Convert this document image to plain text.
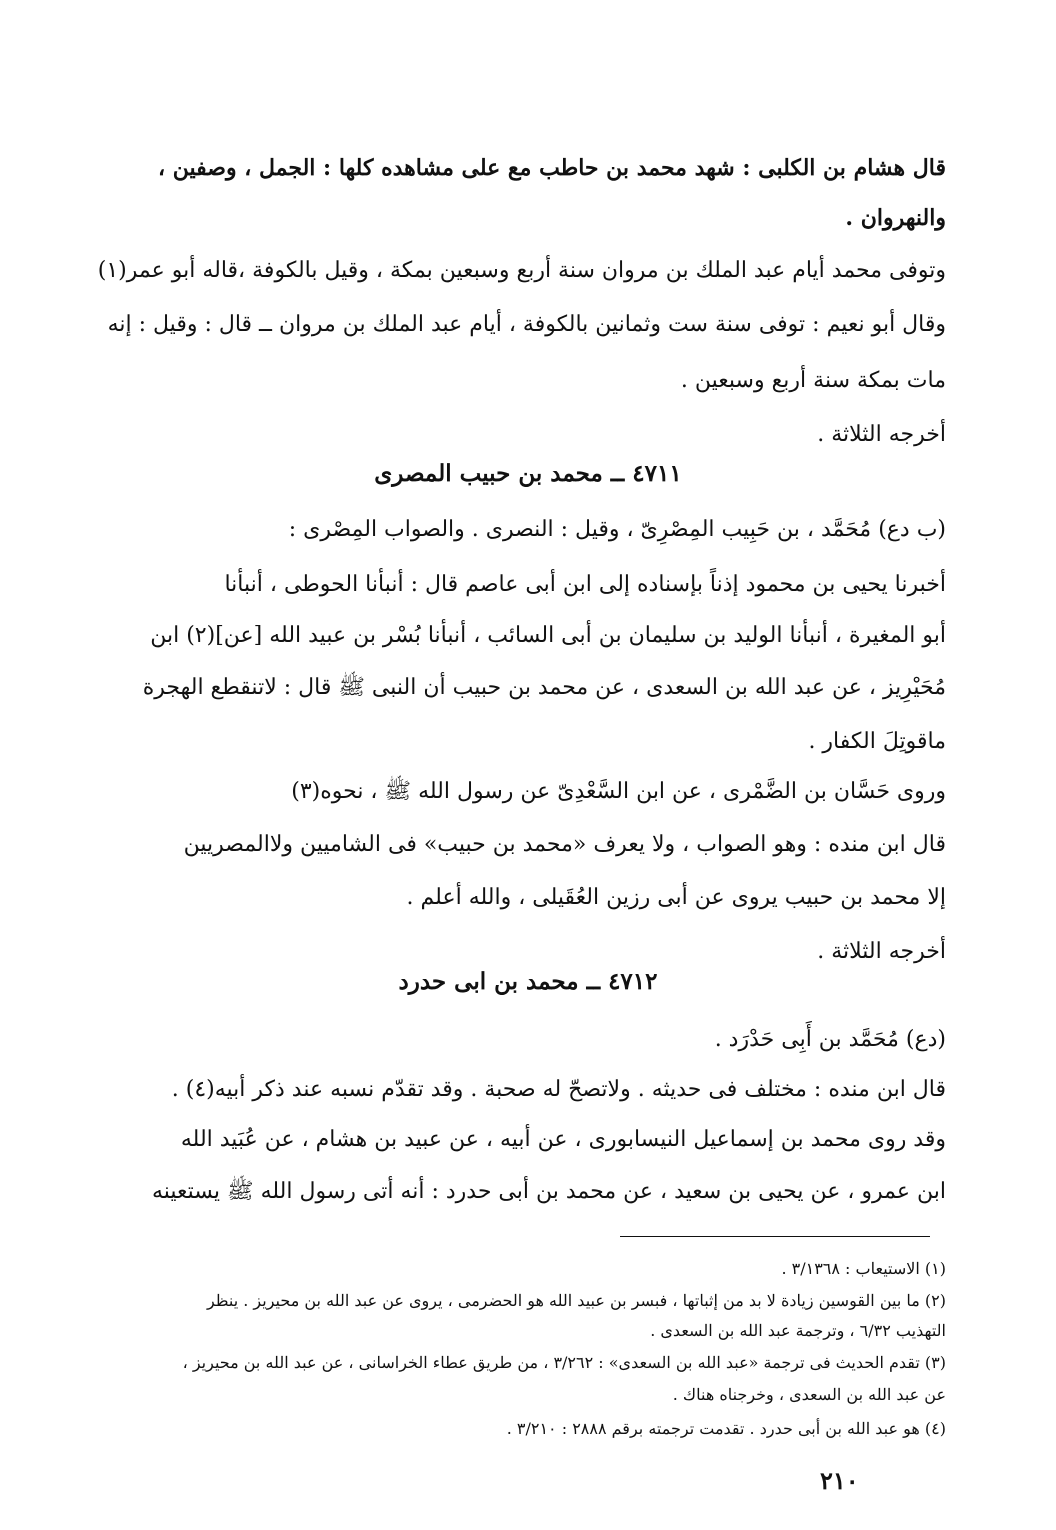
قال هشام بن الكلبى : شهد محمد بن حاطب مع على مشاهده كلها : الجمل ، وصفين ،
والنهروان .
وتوفى محمد أيام عبد الملك بن مروان سنة أربع وسبعين بمكة ، وقيل بالكوفة ،قاله أبو عمر(١)
وقال أبو نعيم : توفى سنة ست وثمانين بالكوفة ، أيام عبد الملك بن مروان ــ قال : وقيل : إنه
مات بمكة سنة أربع وسبعين .
أخرجه الثلاثة .
٤٧١١ ــ محمد بن حبيب المصرى
(ب دع) مُحَمَّد ، بن حَبِيب المِصْرِىّ ، وقيل : النصرى . والصواب المِصْرى :
أخبرنا يحيى بن محمود إذناً بإسناده إلى ابن أبى عاصم قال : أنبأنا الحوطى ، أنبأنا
أبو المغيرة ، أنبأنا الوليد بن سليمان بن أبى السائب ، أنبأنا بُسْر بن عبيد الله [عن](٢) ابن
مُحَيْرِيز ، عن عبد الله بن السعدى ، عن محمد بن حبيب أن النبى ﷺ قال : لاتنقطع الهجرة
ماقوتِلَ الكفار .
وروى حَسَّان بن الضَّمْرى ، عن ابن السَّعْدِىّ عن رسول الله ﷺ ، نحوه(٣)
قال ابن منده : وهو الصواب ، ولا يعرف «محمد بن حبيب» فى الشاميين ولاالمصريين
إلا محمد بن حبيب يروى عن أبى رزين العُقَيلى ، والله أعلم .
أخرجه الثلاثة .
٤٧١٢ ــ محمد بن ابى حدرد
(دع) مُحَمَّد بن أَبِى حَدْرَد .
قال ابن منده : مختلف فى حديثه . ولاتصحّ له صحبة . وقد تقدّم نسبه عند ذكر أبيه(٤) .
وقد روى محمد بن إسماعيل النيسابورى ، عن أبيه ، عن عبيد بن هشام ، عن عُبَيد الله
ابن عمرو ، عن يحيى بن سعيد ، عن محمد بن أبى حدرد : أنه أتى رسول الله ﷺ يستعينه
(١) الاستيعاب : ٣/١٣٦٨ .
(٢) ما بين القوسين زيادة لا بد من إثباتها ، فبسر بن عبيد الله هو الحضرمى ، يروى عن عبد الله بن محيريز . ينظر
التهذيب ٦/٣٢ ، وترجمة عبد الله بن السعدى .
(٣) تقدم الحديث فى ترجمة «عبد الله بن السعدى» : ٣/٢٦٢ ، من طريق عطاء الخراسانى ، عن عبد الله بن محيريز ،
عن عبد الله بن السعدى ، وخرجناه هناك .
(٤) هو عبد الله بن أبى حدرد . تقدمت ترجمته برقم ٢٨٨٨ : ٣/٢١٠ .
٢١٠
